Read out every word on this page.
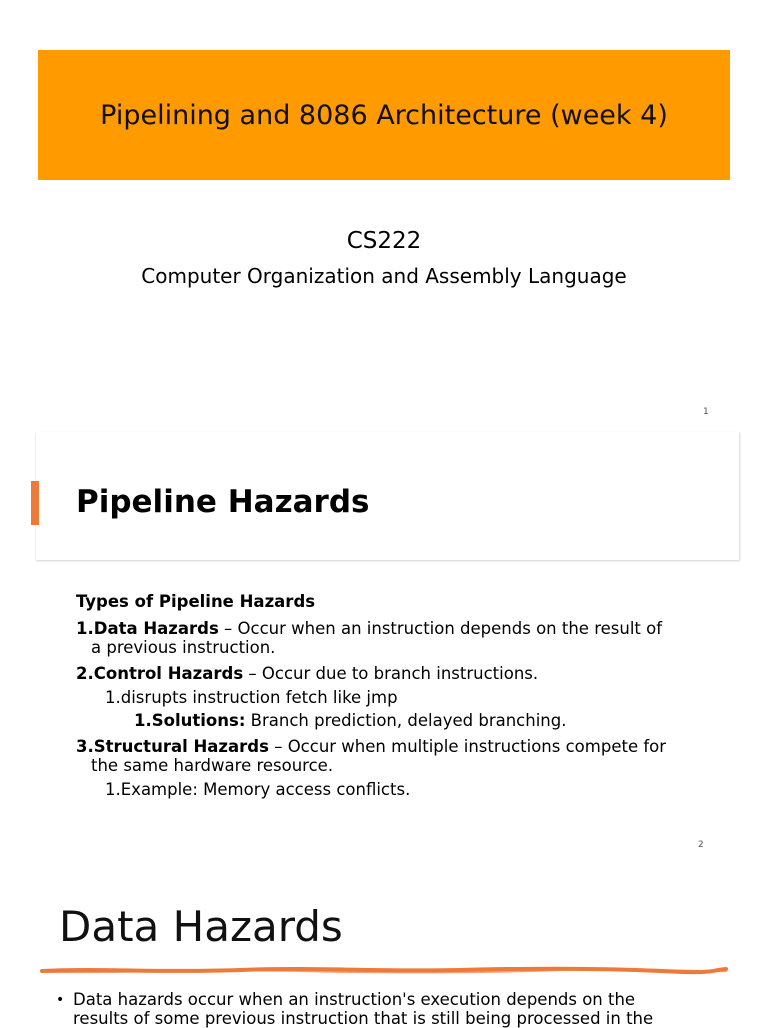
Pipelining and 8086 Architecture (week 4)
CS222
Computer Organization and Assembly Language
1
Pipeline Hazards
Types of Pipeline Hazards
1.Data Hazards – Occur when an instruction depends on the result of
a previous instruction.
2.Control Hazards – Occur due to branch instructions.
1.disrupts instruction fetch like jmp
1.Solutions: Branch prediction, delayed branching.
3.Structural Hazards – Occur when multiple instructions compete for
the same hardware resource.
1.Example: Memory access conflicts.
2
Data Hazards
• Data hazards occur when an instruction's execution depends on the
results of some previous instruction that is still being processed in the
